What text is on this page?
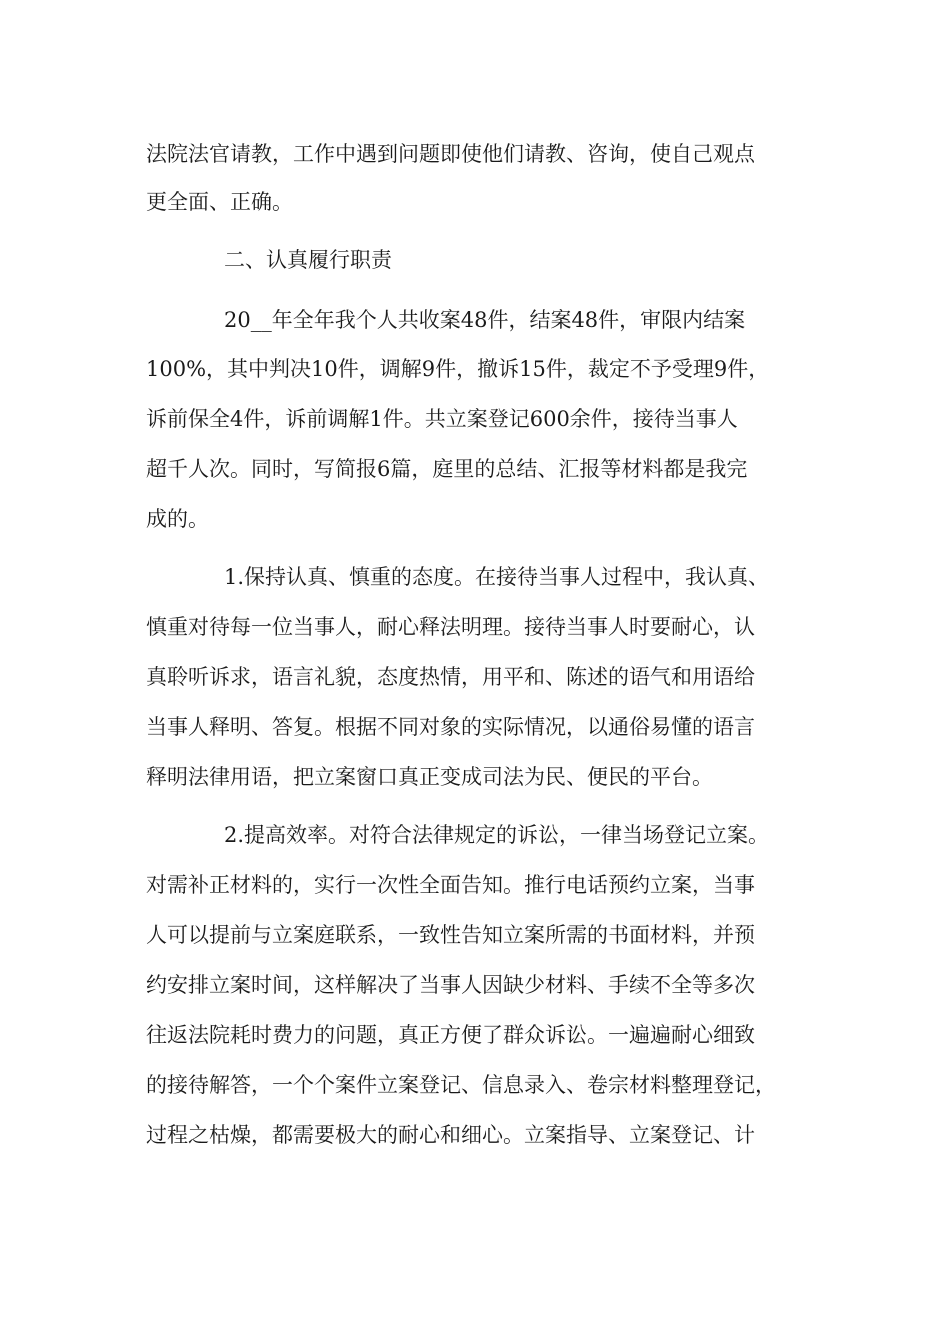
法院法官请教，工作中遇到问题即使他们请教、咨询，使自己观点
更全面、正确。
二、认真履行职责
20__年全年我个人共收案48件，结案48件，审限内结案
100%，其中判决10件，调解9件，撤诉15件，裁定不予受理9件，
诉前保全4件，诉前调解1件。共立案登记600余件，接待当事人
超千人次。同时，写简报6篇，庭里的总结、汇报等材料都是我完
成的。
1.保持认真、慎重的态度。在接待当事人过程中，我认真、
慎重对待每一位当事人，耐心释法明理。接待当事人时要耐心，认
真聆听诉求，语言礼貌，态度热情，用平和、陈述的语气和用语给
当事人释明、答复。根据不同对象的实际情况，以通俗易懂的语言
释明法律用语，把立案窗口真正变成司法为民、便民的平台。
2.提高效率。对符合法律规定的诉讼，一律当场登记立案。
对需补正材料的，实行一次性全面告知。推行电话预约立案，当事
人可以提前与立案庭联系，一致性告知立案所需的书面材料，并预
约安排立案时间，这样解决了当事人因缺少材料、手续不全等多次
往返法院耗时费力的问题，真正方便了群众诉讼。一遍遍耐心细致
的接待解答，一个个案件立案登记、信息录入、卷宗材料整理登记，
过程之枯燥，都需要极大的耐心和细心。立案指导、立案登记、计
